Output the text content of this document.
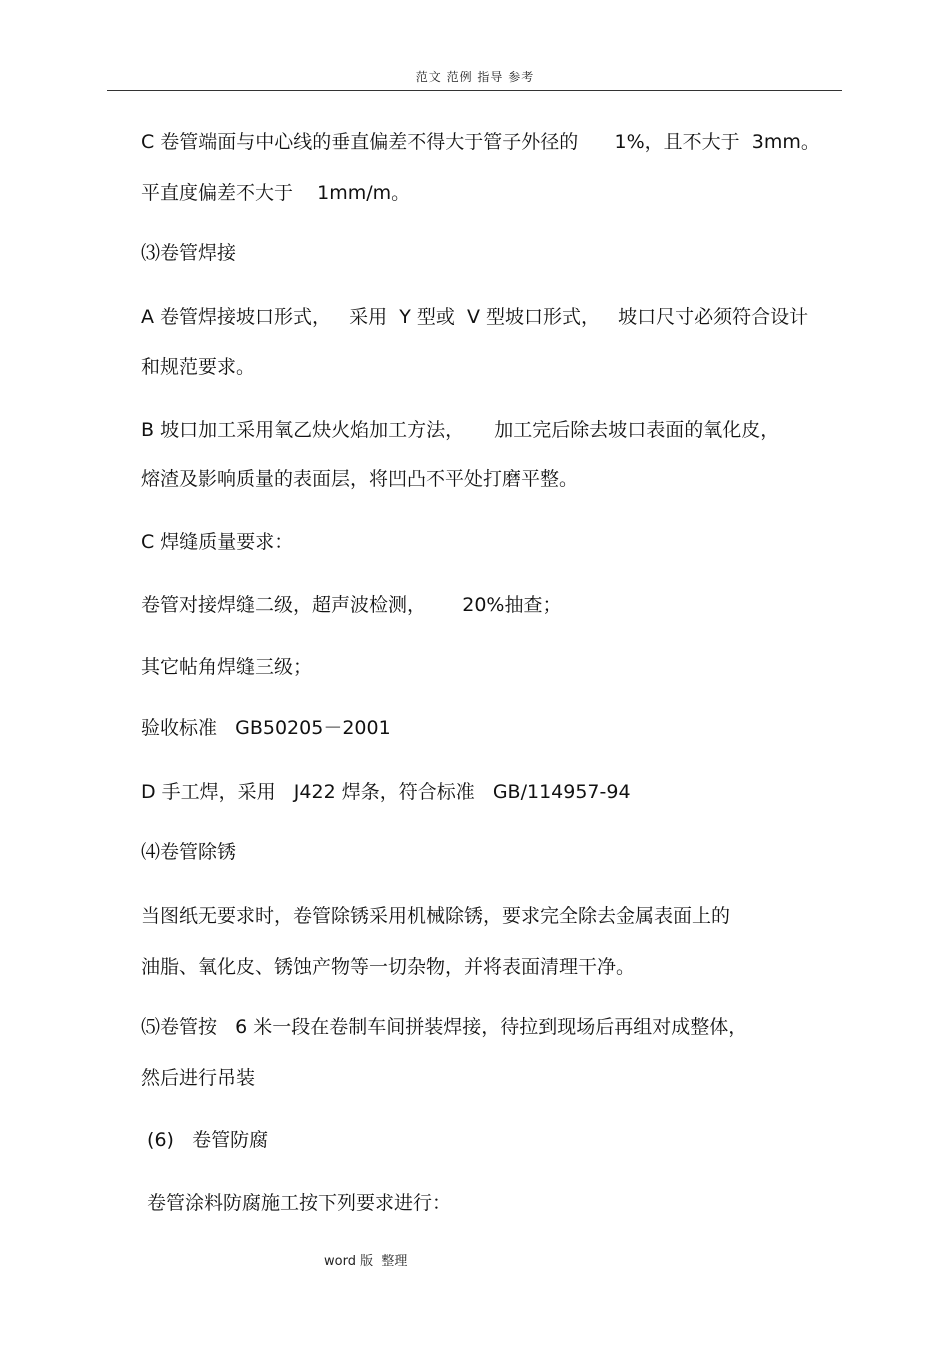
范文 范例 指导 参考
C 卷管端面与中心线的垂直偏差不得大于管子外径的      1%，且不大于  3mm。
平直度偏差不大于    1mm/m。
⑶卷管焊接
A 卷管焊接坡口形式，   采用  Y 型或  V 型坡口形式，   坡口尺寸必须符合设计
和规范要求。
B 坡口加工采用氧乙炔火焰加工方法，     加工完后除去坡口表面的氧化皮，
熔渣及影响质量的表面层，将凹凸不平处打磨平整。
C 焊缝质量要求：
卷管对接焊缝二级，超声波检测，      20%抽查；
其它帖角焊缝三级；
验收标准   GB50205－2001
D 手工焊，采用   J422 焊条，符合标准   GB/114957-94
⑷卷管除锈
当图纸无要求时，卷管除锈采用机械除锈，要求完全除去金属表面上的
油脂、氧化皮、锈蚀产物等一切杂物，并将表面清理干净。
⑸卷管按   6 米一段在卷制车间拼装焊接，待拉到现场后再组对成整体，
然后进行吊装
(6)   卷管防腐
卷管涂料防腐施工按下列要求进行：
word 版  整理
